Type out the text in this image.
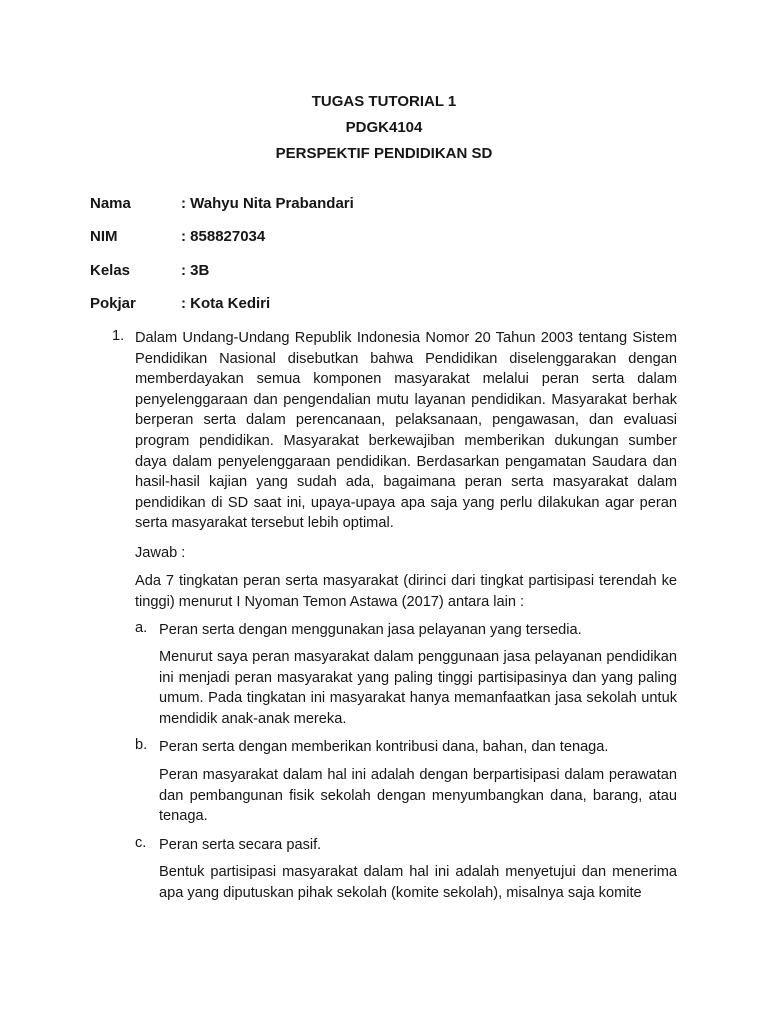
TUGAS TUTORIAL 1
PDGK4104
PERSPEKTIF PENDIDIKAN SD
Nama	: Wahyu Nita Prabandari
NIM	: 858827034
Kelas	: 3B
Pokjar	: Kota Kediri
1. Dalam Undang-Undang Republik Indonesia Nomor 20 Tahun 2003 tentang Sistem Pendidikan Nasional disebutkan bahwa Pendidikan diselenggarakan dengan memberdayakan semua komponen masyarakat melalui peran serta dalam penyelenggaraan dan pengendalian mutu layanan pendidikan. Masyarakat berhak berperan serta dalam perencanaan, pelaksanaan, pengawasan, dan evaluasi program pendidikan. Masyarakat berkewajiban memberikan dukungan sumber daya dalam penyelenggaraan pendidikan. Berdasarkan pengamatan Saudara dan hasil-hasil kajian yang sudah ada, bagaimana peran serta masyarakat dalam pendidikan di SD saat ini, upaya-upaya apa saja yang perlu dilakukan agar peran serta masyarakat tersebut lebih optimal.
Jawab :
Ada 7 tingkatan peran serta masyarakat (dirinci dari tingkat partisipasi terendah ke tinggi) menurut I Nyoman Temon Astawa (2017) antara lain :
a. Peran serta dengan menggunakan jasa pelayanan yang tersedia.
Menurut saya peran masyarakat dalam penggunaan jasa pelayanan pendidikan ini menjadi peran masyarakat yang paling tinggi partisipasinya dan yang paling umum. Pada tingkatan ini masyarakat hanya memanfaatkan jasa sekolah untuk mendidik anak-anak mereka.
b. Peran serta dengan memberikan kontribusi dana, bahan, dan tenaga.
Peran masyarakat dalam hal ini adalah dengan berpartisipasi dalam perawatan dan pembangunan fisik sekolah dengan menyumbangkan dana, barang, atau tenaga.
c. Peran serta secara pasif.
Bentuk partisipasi masyarakat dalam hal ini adalah menyetujui dan menerima apa yang diputuskan pihak sekolah (komite sekolah), misalnya saja komite
